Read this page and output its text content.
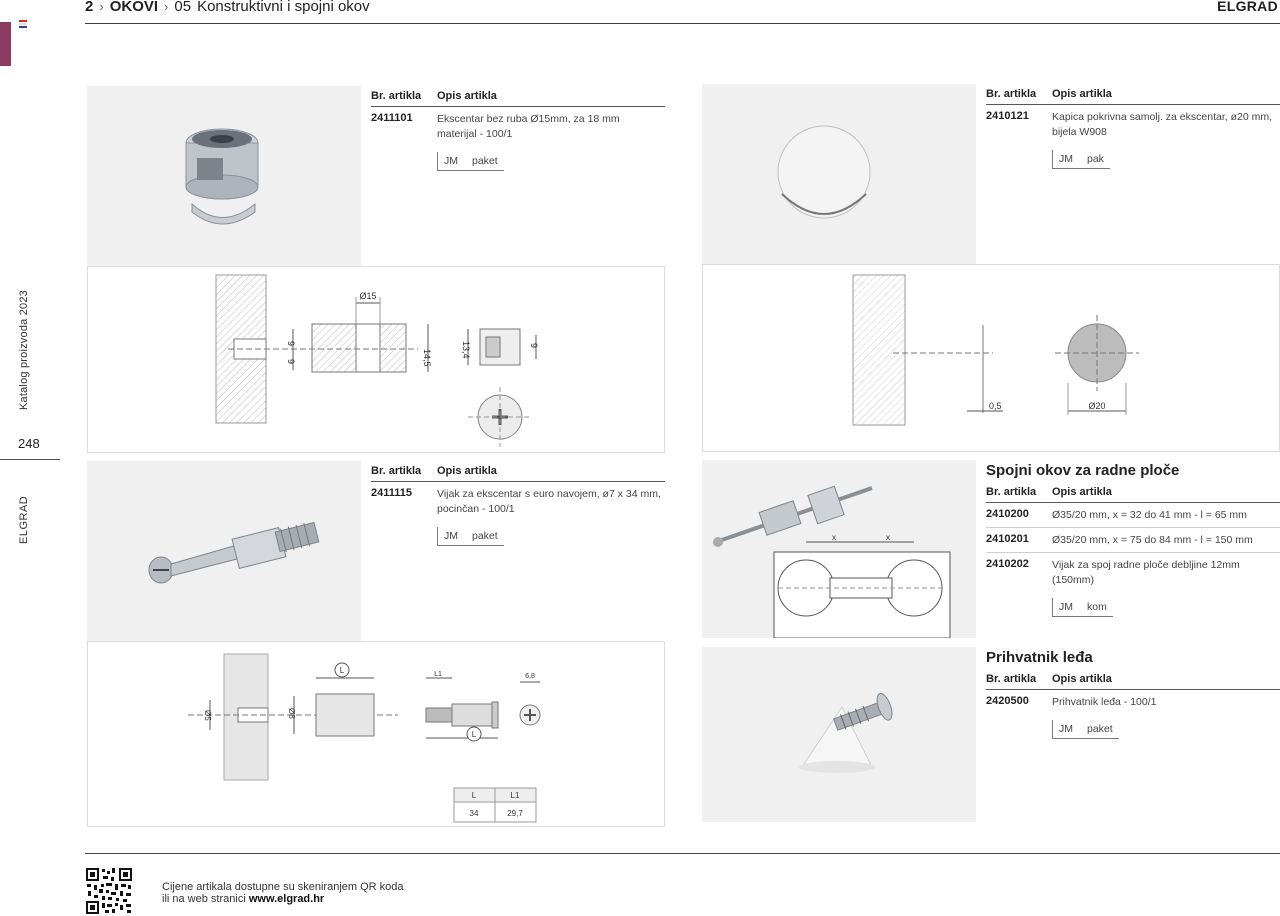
Katalog proizvoda 2023
248
ELGRAD
2 › OKOVI › 05 Konstruktivni i spojni okov	ELGRAD
Br. artikla	Opis artikla
2411101	Ekscentar bez ruba Ø15mm, za 18 mm
materijal - 100/1
JM paket
Ø15
14,5
9
9
13,4	9
Br. artikla	Opis artikla
2411115	Vijak za ekscentar s euro navojem, ø7 x 34 mm,
pocinčan - 100/1
JM paket
Ø5	Ø8
L	L1
L
6,8
L	L1
34	29,7
Br. artikla	Opis artikla
2410121	Kapica pokrivna samolj. za ekscentar, ø20 mm,
bijela W908
JM pak
0,5	Ø20
x	x
Spojni okov za radne ploče
Br. artikla	Opis artikla
2410200	Ø35/20 mm, x = 32 do 41 mm - l = 65 mm
2410201	Ø35/20 mm, x = 75 do 84 mm - l = 150 mm
2410202	Vijak za spoj radne ploče debljine 12mm (150mm)
JM kom
Prihvatnik leđa
Br. artikla	Opis artikla
2420500	Prihvatnik leđa - 100/1
JM paket
Cijene artikala dostupne su skeniranjem QR koda
ili na web stranici www.elgrad.hr
